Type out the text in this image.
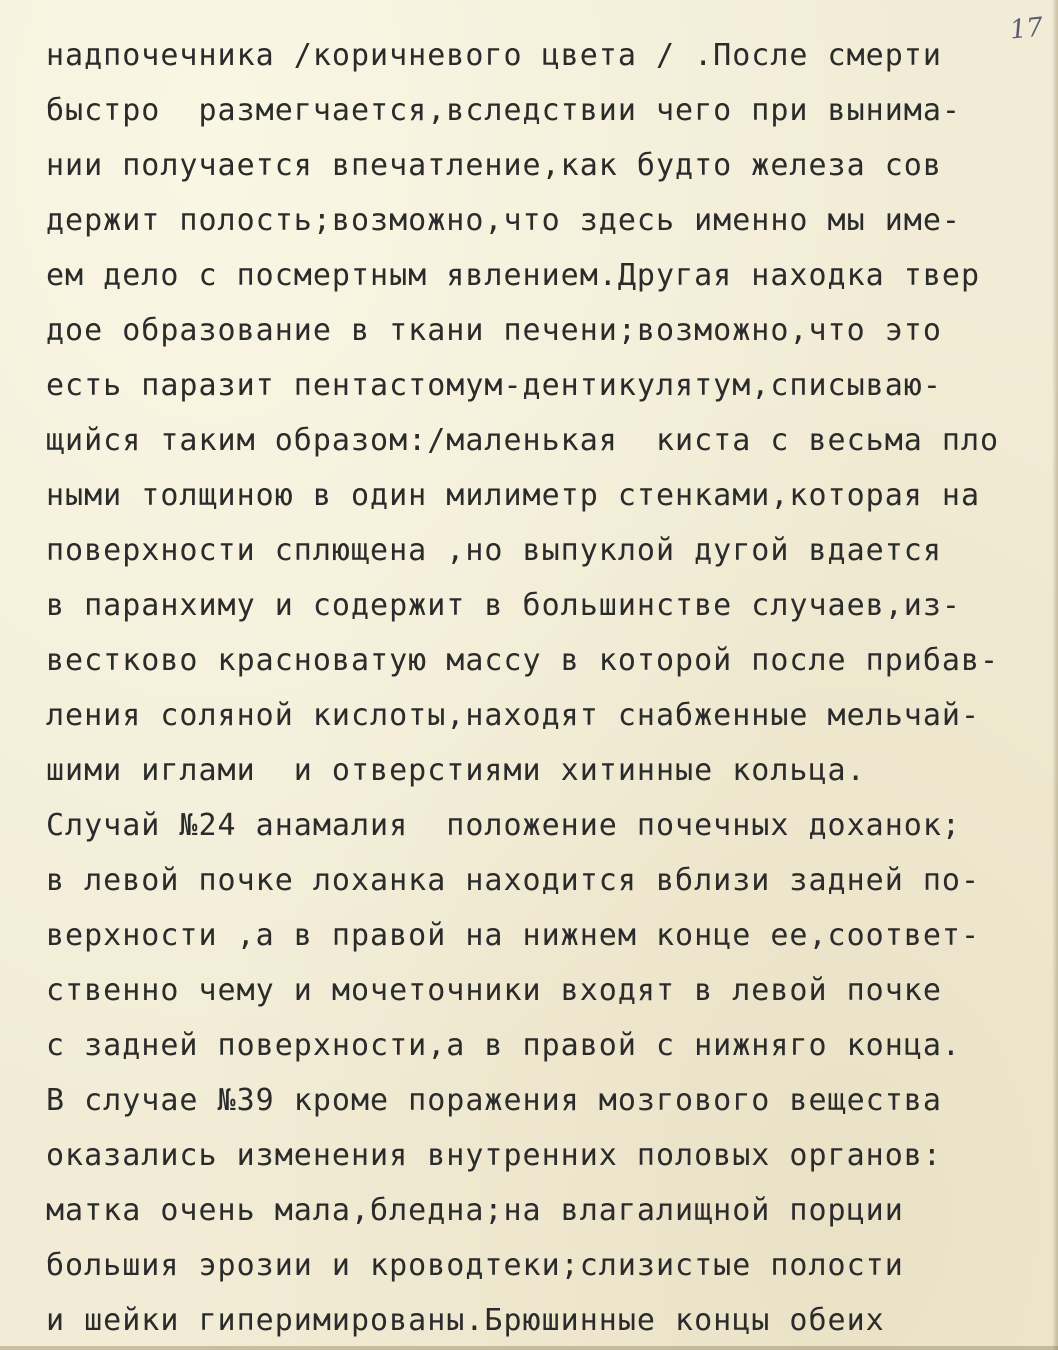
17
надпочечника /коричневого цвета / .После смерти
быстро  размегчается,вследствии чего при вынима-
нии получается впечатление,как будто железа сов
держит полость;возможно,что здесь именно мы име-
ем дело с посмертным явлением.Другая находка твер
дое образование в ткани печени;возможно,что это
есть паразит пентастомум-дентикулятум,списываю-
щийся таким образом:/маленькая  киста с весьма пло
ными толщиною в один милиметр стенками,которая на
поверхности сплющена ,но выпуклой дугой вдается
в паранхиму и содержит в большинстве случаев,из-
вестково красноватую массу в которой после прибав-
ления соляной кислоты,находят снабженные мельчай-
шими иглами  и отверстиями хитинные кольца.
Случай №24 анамалия  положение почечных доханок;
в левой почке лоханка находится вблизи задней по-
верхности ,а в правой на нижнем конце ее,соответ-
ственно чему и мочеточники входят в левой почке
с задней поверхности,а в правой с нижняго конца.
В случае №39 кроме поражения мозгового вещества
оказались изменения внутренних половых органов:
матка очень мала,бледна;на влагалищной порции
большия эрозии и кроводтеки;слизистые полости
и шейки гиперимированы.Брюшинные концы обеих
